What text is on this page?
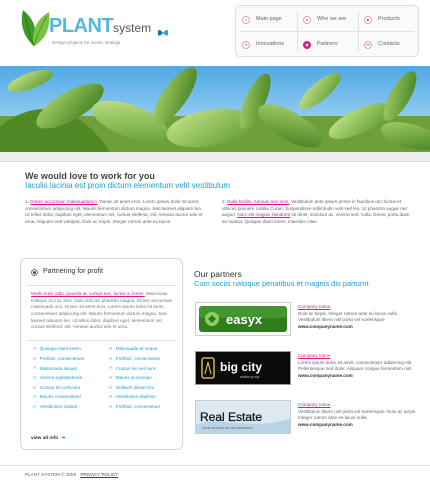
PLANTsystem
Design projects for scenic settings
⌂	Main page	●	Who we are	■	Products
✦	Innovations	◆	Partners	✉	Contacts
We would love to work for you
Iaculis lacinia est proin dictum elementum velit vestibulum
1. Donec accumsan malesuadaorci. Donec sit amet eros. Lorem ipsum dolor sit amet, consectetuer adipiscing elit. Mauris fermentum dictum magna. Sed laoreet aliquam leo. Ut tellus dolor, dapibus eget, elementum vel, cursus eleifend, elit. Aenean auctor wisi et urna. Aliquam erat volutpat. Duis ac turpis. Integer rutrum ante eu lacus.
2. Nulla facilisi. Aenean nec eros. Vestibulum ante ipsum primis in faucibus orci luctus et ultrices posuere cubilia Curae; Suspendisse sollicitudin velit sed leo. Ut pharetra augue nec augue. Nam elit magna, hendrerit sit amet, tincidunt ac, viverra sed, nulla. Donec porta diam eu massa. Quisque diam lorem, interdum vitae.
Partnering for profit
Morbi nunc odio, gravida at, cursus nec, luctus a, lorem. Maecenas tristique orci ac sem. Duis ultricies pharetra magna. Donec accumsan malesuada orci. Donec sit amet eros. Lorem ipsum dolor sit amet, consectetuer adipiscing elit. Mauris fermentum dictum magna. Sed laoreet aliquam leo. Ut tellus dolor, dapibus eget, elementum vel, cursus eleifend, elit. Aenean auctor wisi et urna.
» Quisque diam lorem
» Porttitor, consectetuer
» Malesuada aliquet
» Viverra egestastnisis
» Cursus leo vehicula
» Mauris consectetuer
» Vestibulum sedant
» Malesuada at neque
» Porttitor, consectetuer
» Cursus leo vel nunc
» Mauris accumsan
» Nullavel dictum leo
» Vestibulum dapibus
» Porttitol, consectetuer
view all info ➜
Our partners
Cum sociis natoque penatibus et magnis dis parturnt
easyx
Company name
Duis ac turpis. Integer rutrum ante eu lacus nulla. Vestibulum libero nisl porta vel scelerisque
www.companyname.com
big city
estate group
Company name
Lorem ipsum dolor sit amet, consectetuer adipiscing elit. Pellentesque sed dolor. Aliquam congue fermentum nisl.
www.companyname.com
Real Estate
YOUR SLOGAN ON THE PROPERTY
Company name
Vestibulum libero nisl porta vel scelerisque. Duis ac turpis. Integer rutrum ante eu lacus nulla.
www.companyname.com
PLANT SYSTEM © 2009 PRIVACY POLICY
